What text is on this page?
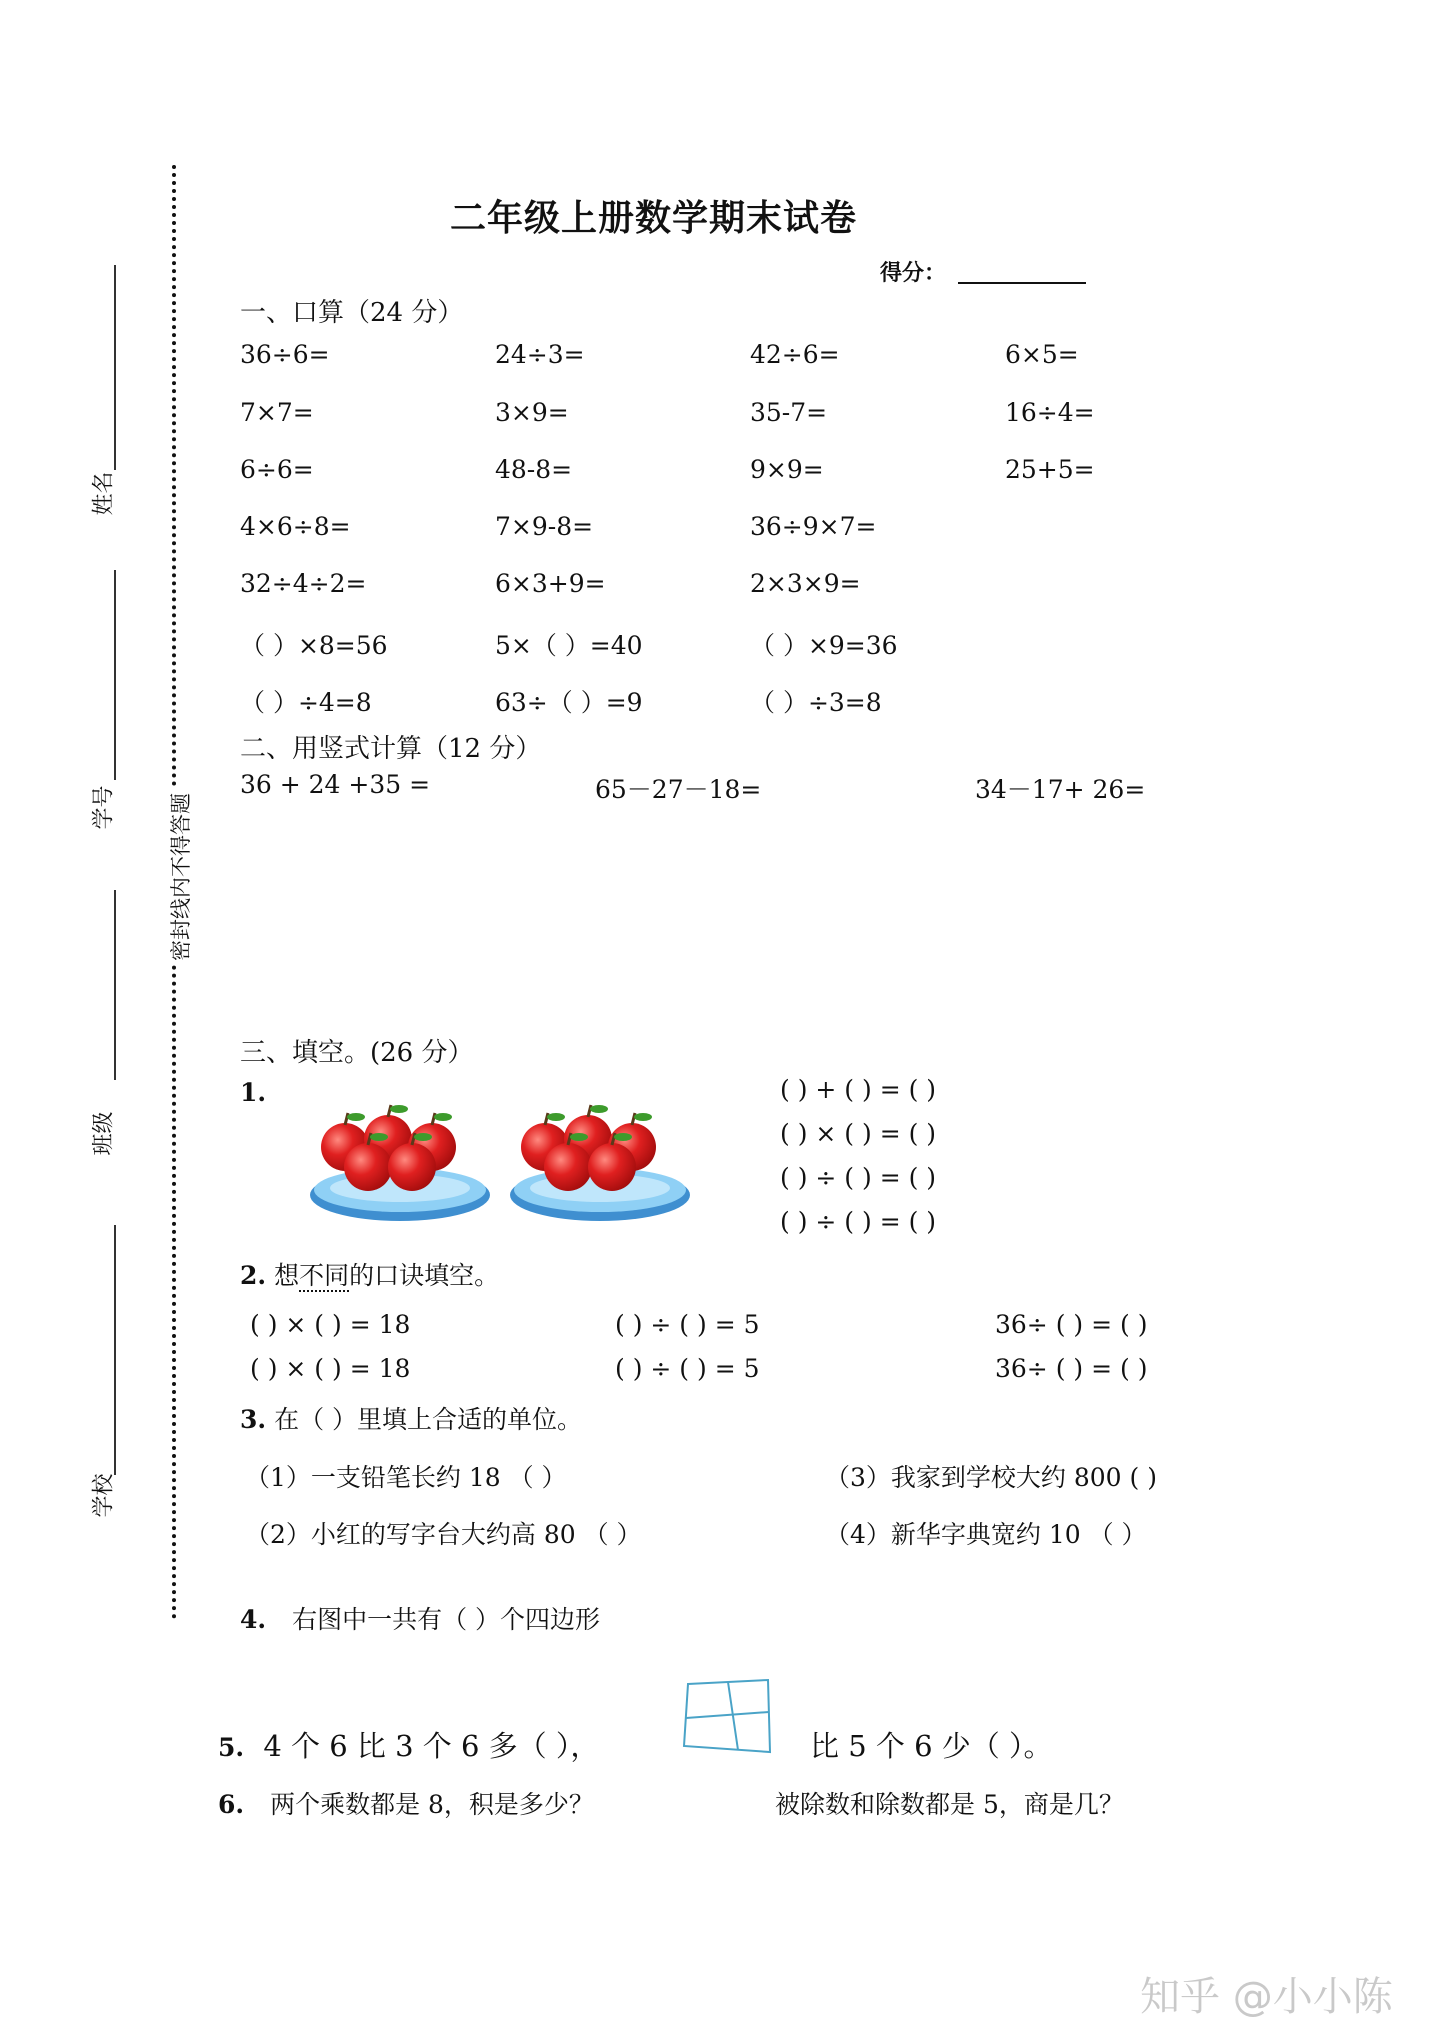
姓名
学号
班级
学校
密封线内不得答题
二年级上册数学期末试卷
得分：
一、口算（24 分）
36÷6=	24÷3=	42÷6=	6×5=
7×7=	3×9=	35-7=	16÷4=
6÷6=	48-8=	9×9=	25+5=
4×6÷8=	7×9-8=	36÷9×7=
32÷4÷2=	6×3+9=	2×3×9=
（ ）×8=56	5×（ ）=40	（ ）×9=36
（ ）÷4=8	63÷（ ）=9	（ ）÷3=8
二、用竖式计算（12 分）
36 + 24 +35 =	65－27－18=	34－17+ 26=
三、填空。(26 分）
1.	( ) + ( ) = ( )
( ) × ( ) = ( )
( ) ÷ ( ) = ( )
( ) ÷ ( ) = ( )
2. 想不同的口诀填空。
( ) × ( ) = 18	( ) ÷ ( ) = 5	36÷ ( ) = ( )
( ) × ( ) = 18	( ) ÷ ( ) = 5	36÷ ( ) = ( )
3. 在（ ）里填上合适的单位。
（1）一支铅笔长约 18 （ ）	（3）我家到学校大约 800 ( )
（2）小红的写字台大约高 80 （ ）	（4）新华字典宽约 10 （ ）
4. 右图中一共有（ ）个四边形
5. 4 个 6 比 3 个 6 多（ ），	比 5 个 6 少（ ）。
6. 两个乘数都是 8，积是多少？	被除数和除数都是 5，商是几？
知乎 @小小陈
